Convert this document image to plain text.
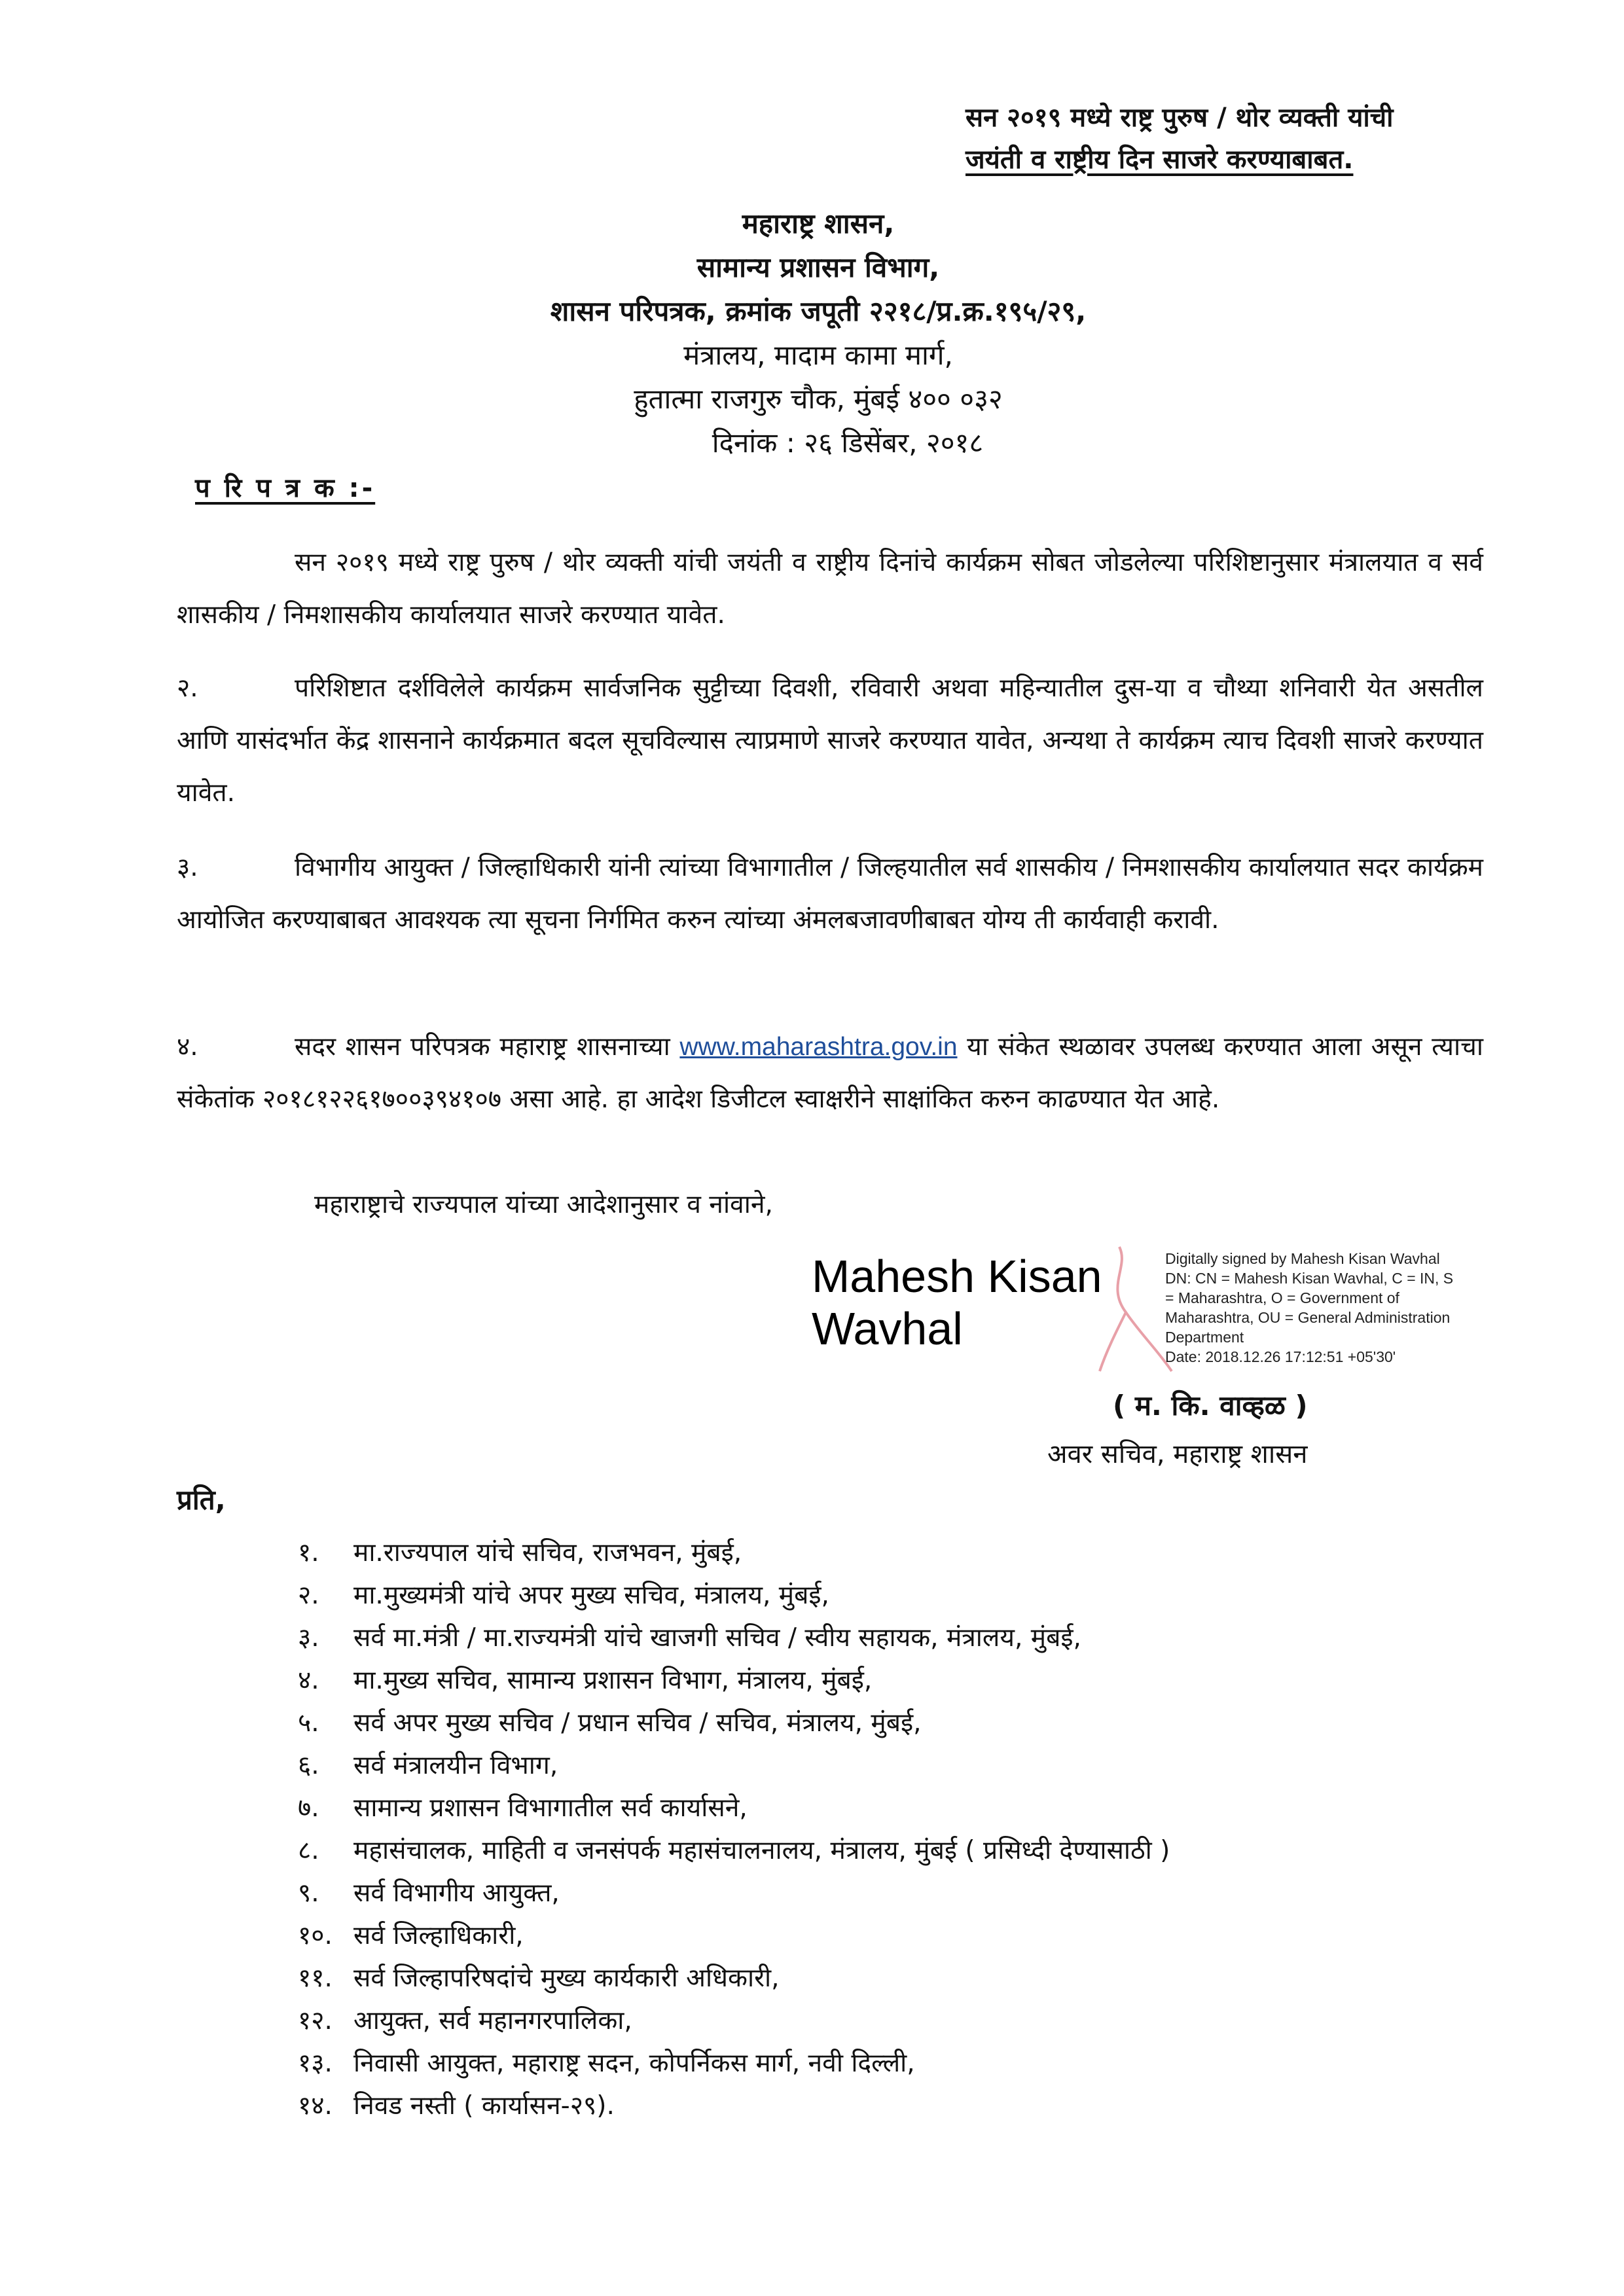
सन २०१९ मध्ये राष्ट्र पुरुष / थोर व्यक्ती यांची
जयंती व राष्ट्रीय दिन साजरे करण्याबाबत.
महाराष्ट्र शासन,
सामान्य प्रशासन विभाग,
शासन परिपत्रक, क्रमांक जपूती २२१८/प्र.क्र.१९५/२९,
मंत्रालय, मादाम कामा मार्ग,
हुतात्मा राजगुरु चौक, मुंबई ४०० ०३२
दिनांक : २६ डिसेंबर, २०१८
प रि प त्र क :-
सन २०१९ मध्ये राष्ट्र पुरुष / थोर व्यक्ती यांची जयंती व राष्ट्रीय दिनांचे कार्यक्रम सोबत जोडलेल्या परिशिष्टानुसार मंत्रालयात व सर्व शासकीय / निमशासकीय कार्यालयात साजरे करण्यात यावेत.
२.	परिशिष्टात दर्शविलेले कार्यक्रम सार्वजनिक सुट्टीच्या दिवशी, रविवारी अथवा महिन्यातील दुस-या व चौथ्या शनिवारी येत असतील आणि यासंदर्भात केंद्र शासनाने कार्यक्रमात बदल सूचविल्यास त्याप्रमाणे साजरे करण्यात यावेत, अन्यथा ते कार्यक्रम त्याच दिवशी साजरे करण्यात यावेत.
३.	विभागीय आयुक्त / जिल्हाधिकारी यांनी त्यांच्या विभागातील / जिल्हयातील सर्व शासकीय / निमशासकीय कार्यालयात सदर कार्यक्रम आयोजित करण्याबाबत आवश्यक त्या सूचना निर्गमित करुन त्यांच्या अंमलबजावणीबाबत योग्य ती कार्यवाही करावी.
४.	सदर शासन परिपत्रक महाराष्ट्र शासनाच्या www.maharashtra.gov.in या संकेत स्थळावर उपलब्ध करण्यात आला असून त्याचा संकेतांक २०१८१२२६१७००३९४१०७ असा आहे. हा आदेश डिजीटल स्वाक्षरीने साक्षांकित करुन काढण्यात येत आहे.
महाराष्ट्राचे राज्यपाल यांच्या आदेशानुसार व नांवाने,
Mahesh Kisan
Wavhal
Digitally signed by Mahesh Kisan Wavhal
DN: CN = Mahesh Kisan Wavhal, C = IN, S
= Maharashtra, O = Government of
Maharashtra, OU = General Administration
Department
Date: 2018.12.26 17:12:51 +05'30'
( म. कि. वाव्हळ )
अवर सचिव, महाराष्ट्र शासन
प्रति,
१. मा.राज्यपाल यांचे सचिव, राजभवन, मुंबई,
२. मा.मुख्यमंत्री यांचे अपर मुख्य सचिव, मंत्रालय, मुंबई,
३. सर्व मा.मंत्री / मा.राज्यमंत्री यांचे खाजगी सचिव / स्वीय सहायक, मंत्रालय, मुंबई,
४. मा.मुख्य सचिव, सामान्य प्रशासन विभाग, मंत्रालय, मुंबई,
५. सर्व अपर मुख्य सचिव / प्रधान सचिव / सचिव, मंत्रालय, मुंबई,
६. सर्व मंत्रालयीन विभाग,
७. सामान्य प्रशासन विभागातील सर्व कार्यासने,
८. महासंचालक, माहिती व जनसंपर्क महासंचालनालय, मंत्रालय, मुंबई ( प्रसिध्दी देण्यासाठी )
९. सर्व विभागीय आयुक्त,
१०. सर्व जिल्हाधिकारी,
११. सर्व जिल्हापरिषदांचे मुख्य कार्यकारी अधिकारी,
१२. आयुक्त, सर्व महानगरपालिका,
१३. निवासी आयुक्त, महाराष्ट्र सदन, कोपर्निकस मार्ग, नवी दिल्ली,
१४. निवड नस्ती ( कार्यासन-२९).
